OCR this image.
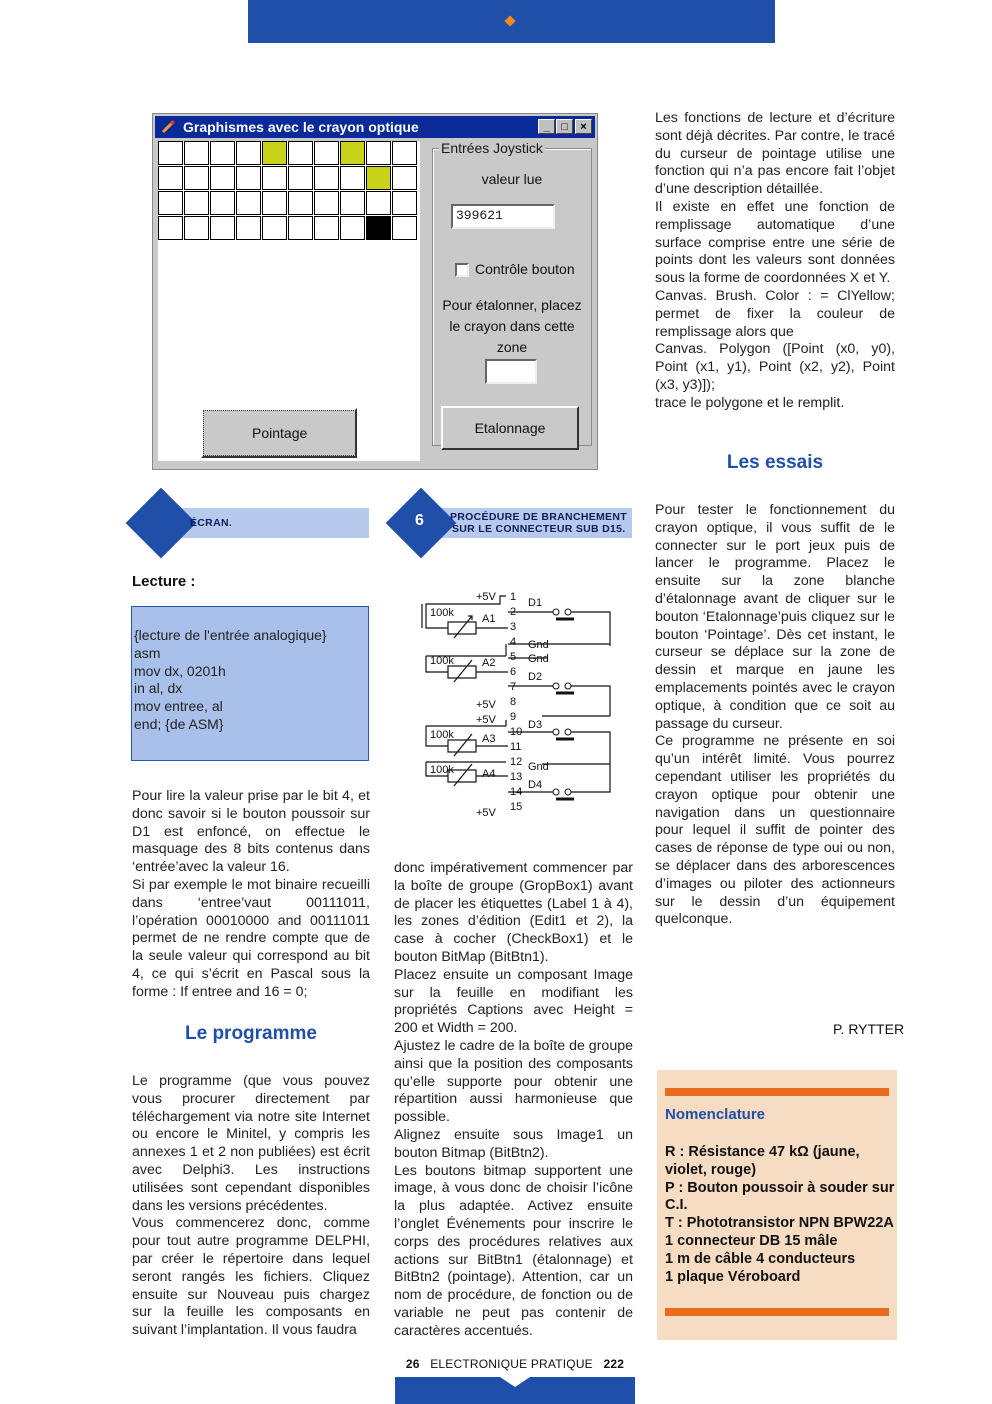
Graphismes avec le crayon optique	_	□	×
Pointage
Entrées Joystick
valeur lue
399621
Contrôle bouton
Pour étalonner, placez
le crayon dans cette
zone
Etalonnage

Les fonctions de lecture et d’écriture sont déjà décrites. Par contre, le tracé du curseur de pointage utilise une fonction qui n’a pas encore fait l’objet d’une description détaillée.

Il existe en effet une fonction de remplissage automatique d’une surface comprise entre une série de points dont les valeurs sont données sous la forme de coordonnées X et Y.

Canvas. Brush. Color : = ClYellow; permet de fixer la couleur de remplissage alors que

Canvas. Polygon ([Point (x0, y0), Point (x1, y1), Point (x2, y2), Point (x3, y3)]);

trace le polygone et le remplit.

Les essais

Pour tester le fonctionnement du crayon optique, il vous suffit de le connecter sur le port jeux puis de lancer le programme. Placez le ensuite sur la zone blanche d’étalonnage avant de cliquer sur le bouton ‘Etalonnage’puis cliquez sur le bouton ‘Pointage’. Dès cet instant, le curseur se déplace sur la zone de dessin et marque en jaune les emplacements pointés avec le crayon optique, à condition que ce soit au passage du curseur.

Ce programme ne présente en soi qu’un intérêt limité. Vous pourrez cependant utiliser les propriétés du crayon optique pour obtenir une navigation dans un questionnaire pour lequel il suffit de pointer des cases de réponse de type oui ou non, se déplacer dans des arborescences d’images ou piloter des actionneurs sur le dessin d’un équipement quelconque.

P. RYTTER
ÉCRAN.	6 PROCÉDURE DE BRANCHEMENT
SUR LE CONNECTEUR SUB D15.
Lecture :
{lecture de l'entrée analogique}
asm
mov dx, 0201h
in al, dx
mov entree, al
end; {de ASM}

Pour lire la valeur prise par le bit 4, et donc savoir si le bouton poussoir sur D1 est enfoncé, on effectue le masquage des 8 bits contenus dans ‘entrée’avec la valeur 16.

Si par exemple le mot binaire recueilli dans ‘entree’vaut 00111011, l’opération 00010000 and 00111011 permet de ne rendre compte que de la seule valeur qui correspond au bit 4, ce qui s’écrit en Pascal sous la forme : If entree and 16 = 0;

Le programme

Le programme (que vous pouvez vous procurer directement par téléchargement via notre site Internet ou encore le Minitel, y compris les annexes 1 et 2 non publiées) est écrit avec Delphi3. Les instructions utilisées sont cependant disponibles dans les versions précédentes.

Vous commencerez donc, comme pour tout autre programme DELPHI, par créer le répertoire dans lequel seront rangés les fichiers. Cliquez ensuite sur Nouveau puis chargez sur la feuille les composants en suivant l’implantation. Il vous faudra

1
2
3
4
5
6
7
8
9
10
11
12
13
14
15
+5V
100k	A1
D1
Gnd
Gnd
100k	A2
D2
+5V
+5V	D3
100k	A3
Gnd
100k	A4
D4
+5V

donc impérativement commencer par la boîte de groupe (GropBox1) avant de placer les étiquettes (Label 1 à 4), les zones d’édition (Edit1 et 2), la case à cocher (CheckBox1) et le bouton BitMap (BitBtn1).

Placez ensuite un composant Image sur la feuille en modifiant les propriétés Captions avec Height = 200 et Width = 200.

Ajustez le cadre de la boîte de groupe ainsi que la position des composants qu’elle supporte pour obtenir une répartition aussi harmonieuse que possible.

Alignez ensuite sous Image1 un bouton Bitmap (BitBtn2).

Les boutons bitmap supportent une image, à vous donc de choisir l’icône la plus adaptée. Activez ensuite l’onglet Événements pour inscrire le corps des procédures relatives aux actions sur BitBtn1 (étalonnage) et BitBtn2 (pointage). Attention, car un nom de procédure, de fonction ou de variable ne peut pas contenir de caractères accentués.

Nomenclature
R : Résistance 47 kΩ (jaune, violet, rouge)
P : Bouton poussoir à souder sur C.I.
T : Phototransistor NPN BPW22A
1 connecteur DB 15 mâle
1 m de câble 4 conducteurs
1 plaque Véroboard
26 ELECTRONIQUE PRATIQUE 222
